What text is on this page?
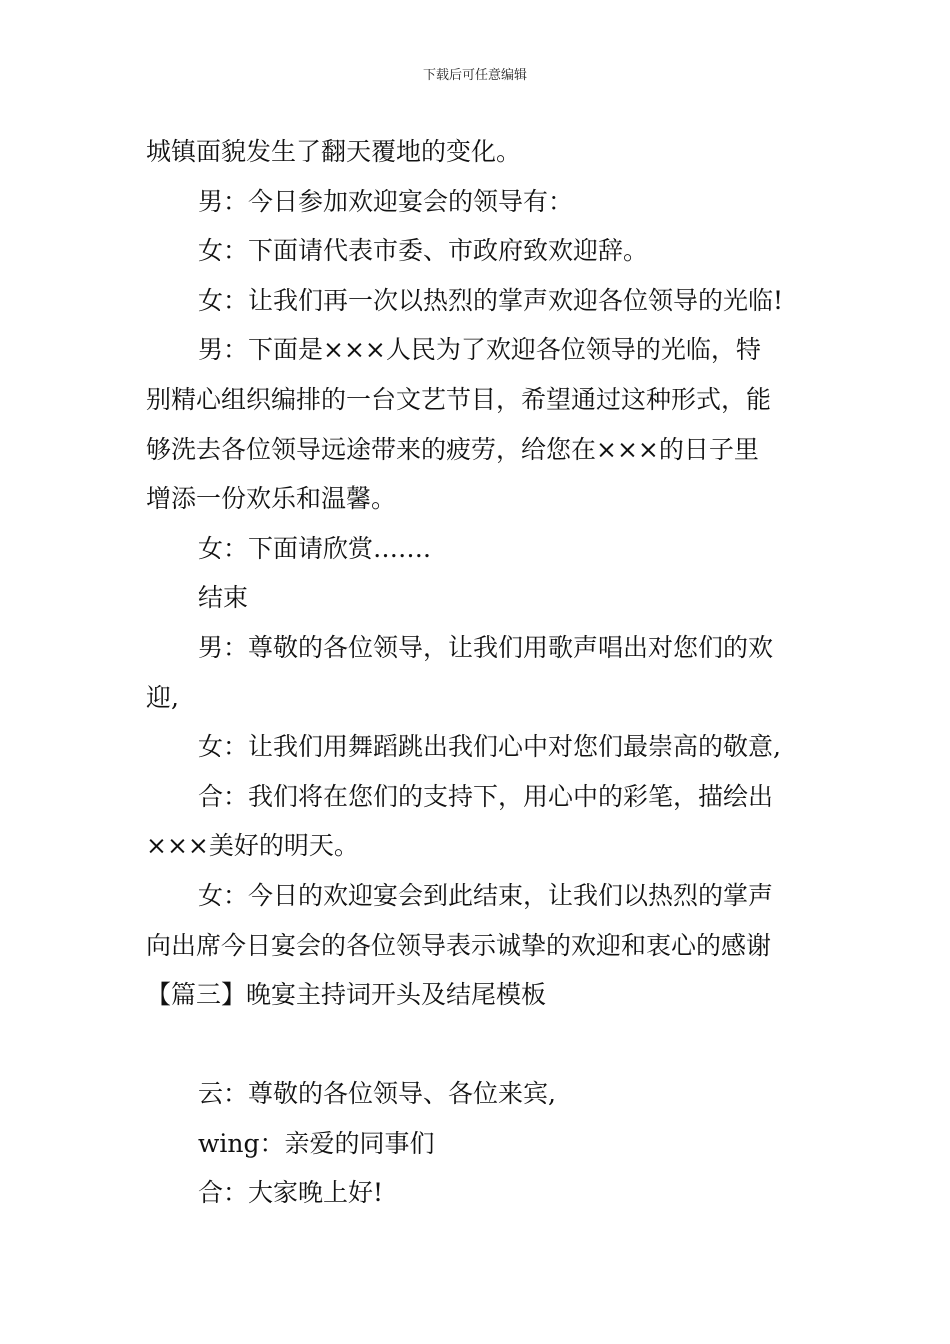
下载后可任意编辑
城镇面貌发生了翻天覆地的变化。
男：今日参加欢迎宴会的领导有：
女：下面请代表市委、市政府致欢迎辞。
女：让我们再一次以热烈的掌声欢迎各位领导的光临!
男：下面是×××人民为了欢迎各位领导的光临，特
别精心组织编排的一台文艺节目，希望通过这种形式，能
够洗去各位领导远途带来的疲劳，给您在×××的日子里
增添一份欢乐和温馨。
女：下面请欣赏…….
结束
男：尊敬的各位领导，让我们用歌声唱出对您们的欢
迎,
女：让我们用舞蹈跳出我们心中对您们最崇高的敬意,
合：我们将在您们的支持下，用心中的彩笔，描绘出
×××美好的明天。
女：今日的欢迎宴会到此结束，让我们以热烈的掌声
向出席今日宴会的各位领导表示诚挚的欢迎和衷心的感谢
【篇三】晚宴主持词开头及结尾模板
云：尊敬的各位领导、各位来宾,
wing：亲爱的同事们
合：大家晚上好!
